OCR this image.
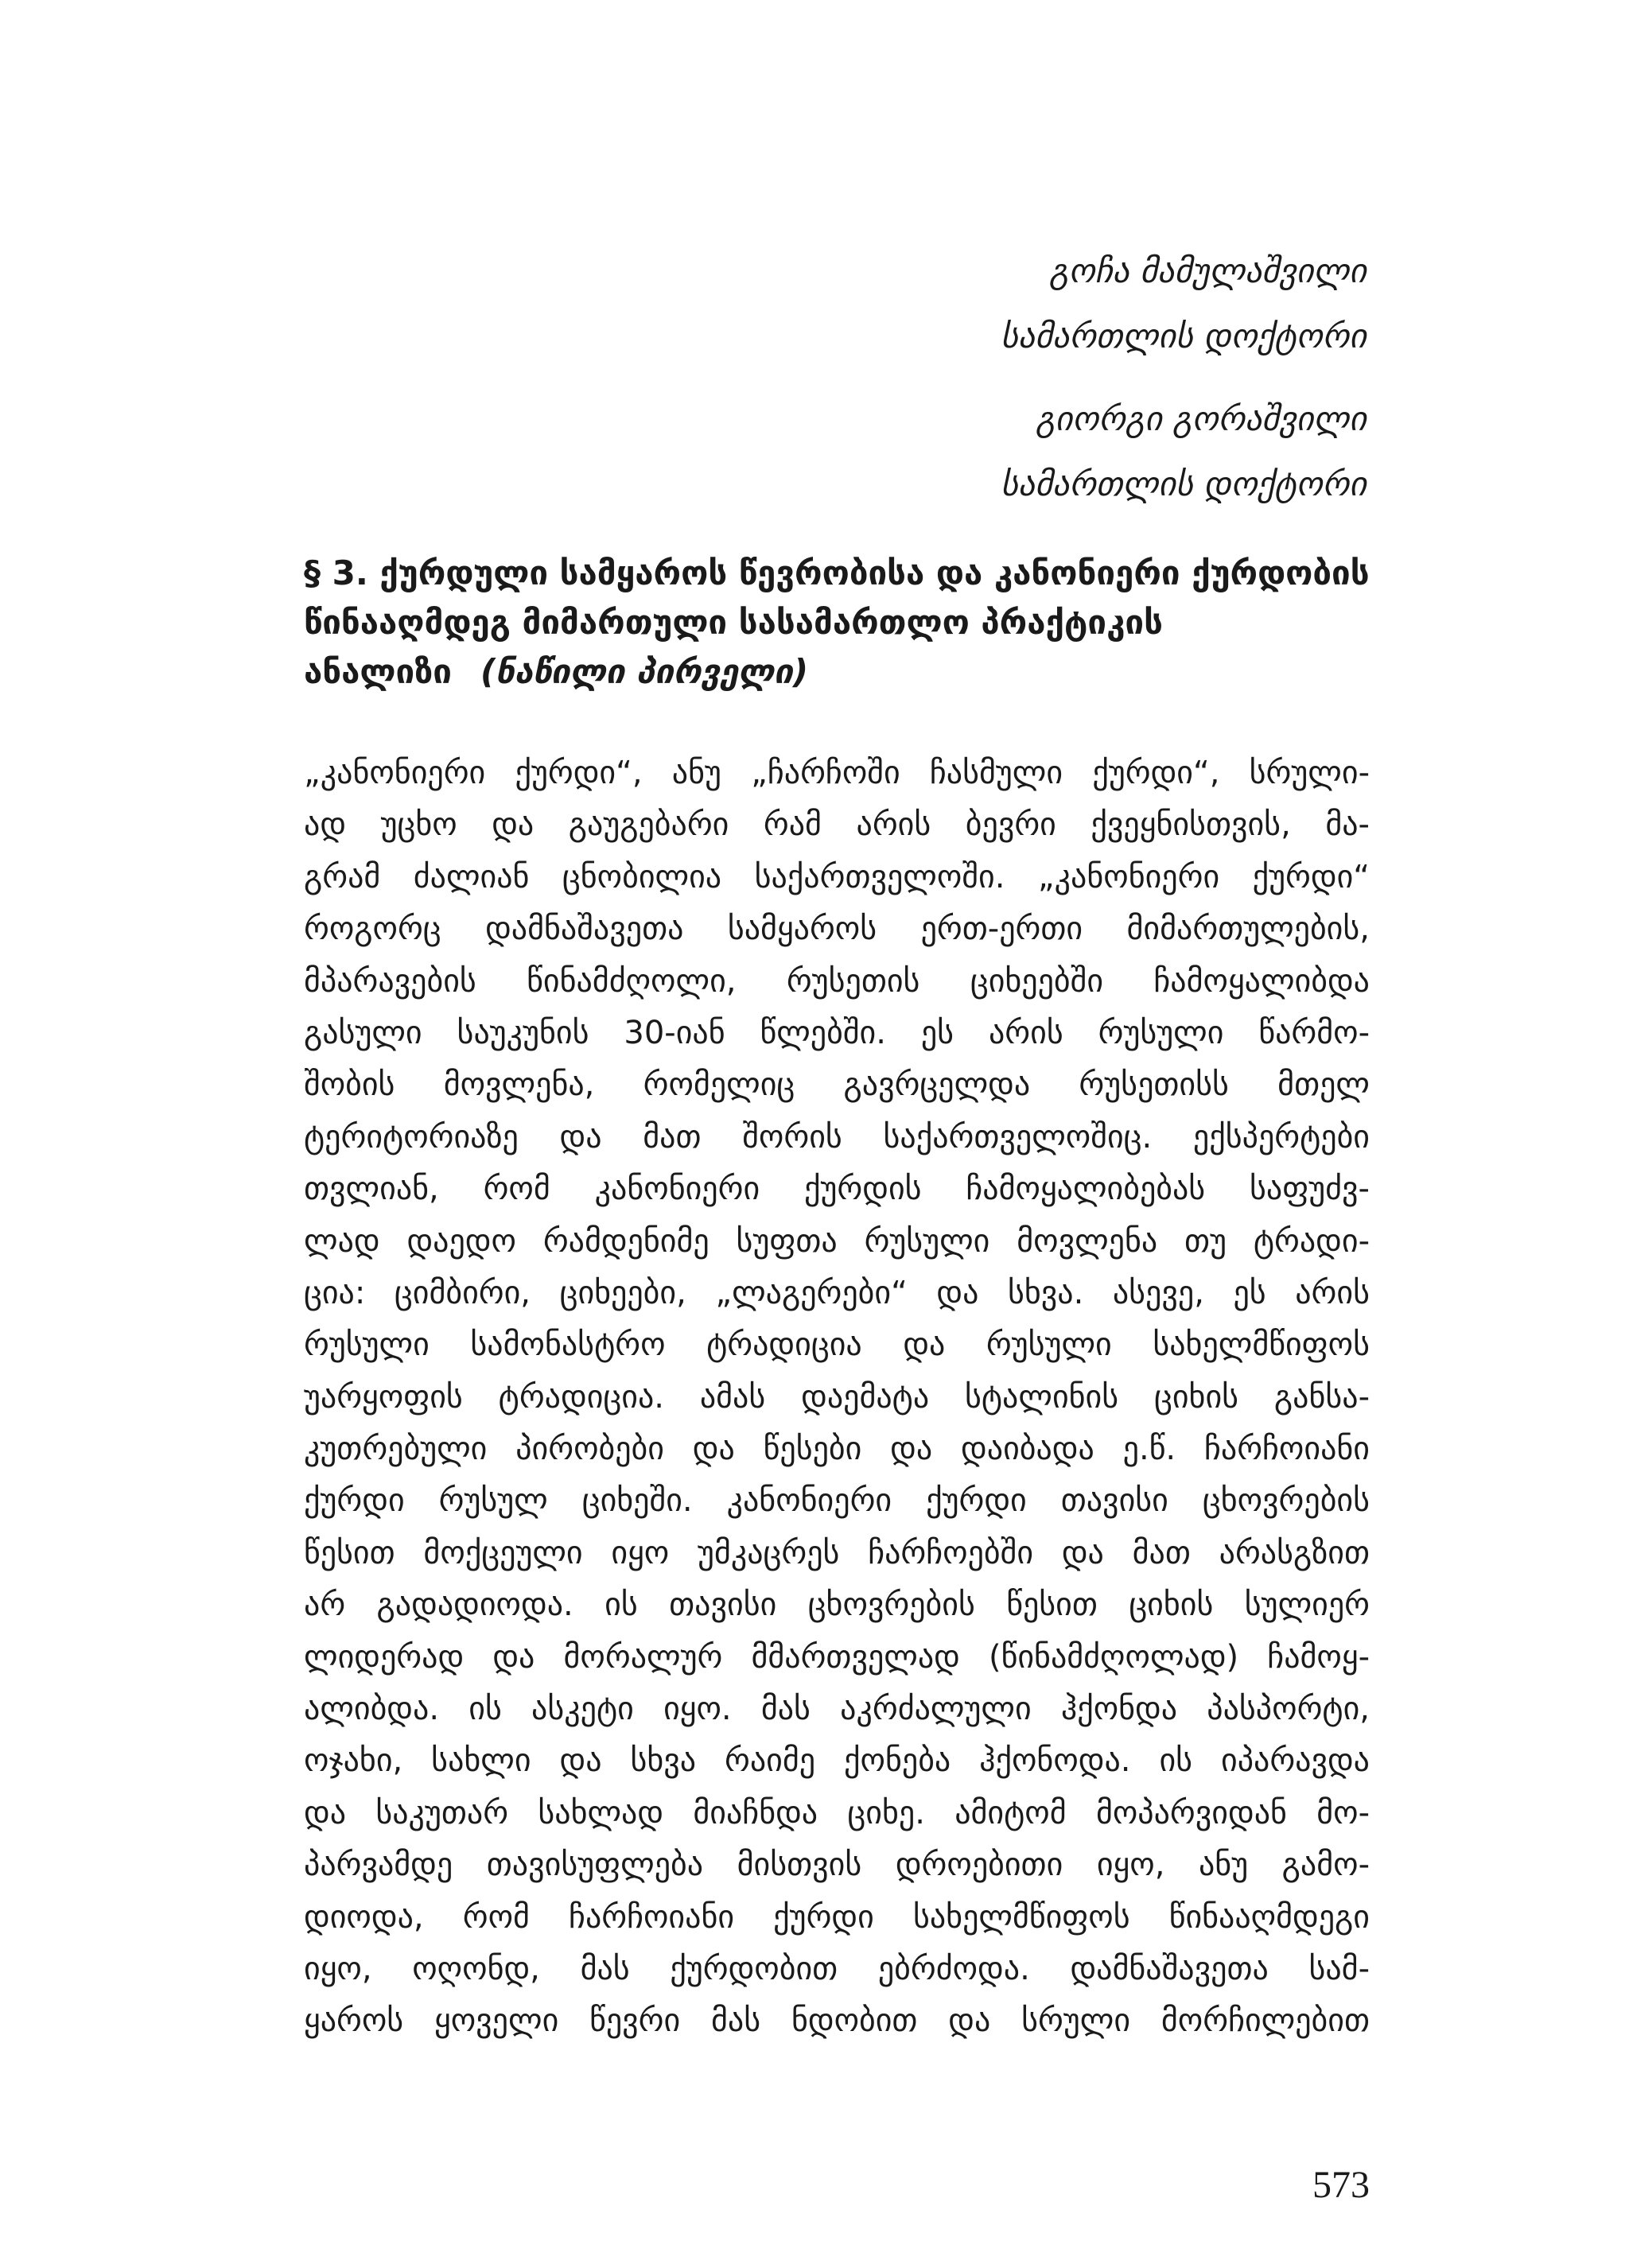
გოჩა მამულაშვილი
სამართლის დოქტორი
გიორგი გორაშვილი
სამართლის დოქტორი
§ 3. ქურდული სამყაროს წევრობისა და კანონიერი ქურდობის წინააღმდეგ მიმართული სასამართლო პრაქტიკის ანალიზი (ნაწილი პირველი)
„კანონიერი ქურდი“, ანუ „ჩარჩოში ჩასმული ქურდი“, სრული-
ად უცხო და გაუგებარი რამ არის ბევრი ქვეყნისთვის, მა-
გრამ ძალიან ცნობილია საქართველოში. „კანონიერი ქურდი“
როგორც დამნაშავეთა სამყაროს ერთ-ერთი მიმართულების,
მპარავების წინამძღოლი, რუსეთის ციხეებში ჩამოყალიბდა
გასული საუკუნის 30-იან წლებში. ეს არის რუსული წარმო-
შობის მოვლენა, რომელიც გავრცელდა რუსეთისს მთელ
ტერიტორიაზე და მათ შორის საქართველოშიც. ექსპერტები
თვლიან, რომ კანონიერი ქურდის ჩამოყალიბებას საფუძვ-
ლად დაედო რამდენიმე სუფთა რუსული მოვლენა თუ ტრადი-
ცია: ციმბირი, ციხეები, „ლაგერები“ და სხვა. ასევე, ეს არის
რუსული სამონასტრო ტრადიცია და რუსული სახელმწიფოს
უარყოფის ტრადიცია. ამას დაემატა სტალინის ციხის განსა-
კუთრებული პირობები და წესები და დაიბადა ე.წ. ჩარჩოიანი
ქურდი რუსულ ციხეში. კანონიერი ქურდი თავისი ცხოვრების
წესით მოქცეული იყო უმკაცრეს ჩარჩოებში და მათ არასგზით
არ გადადიოდა. ის თავისი ცხოვრების წესით ციხის სულიერ
ლიდერად და მორალურ მმართველად (წინამძღოლად) ჩამოყ-
ალიბდა. ის ასკეტი იყო. მას აკრძალული ჰქონდა პასპორტი,
ოჯახი, სახლი და სხვა რაიმე ქონება ჰქონოდა. ის იპარავდა
და საკუთარ სახლად მიაჩნდა ციხე. ამიტომ მოპარვიდან მო-
პარვამდე თავისუფლება მისთვის დროებითი იყო, ანუ გამო-
დიოდა, რომ ჩარჩოიანი ქურდი სახელმწიფოს წინააღმდეგი
იყო, ოღონდ, მას ქურდობით ებრძოდა. დამნაშავეთა სამ-
ყაროს ყოველი წევრი მას ნდობით და სრული მორჩილებით
573
